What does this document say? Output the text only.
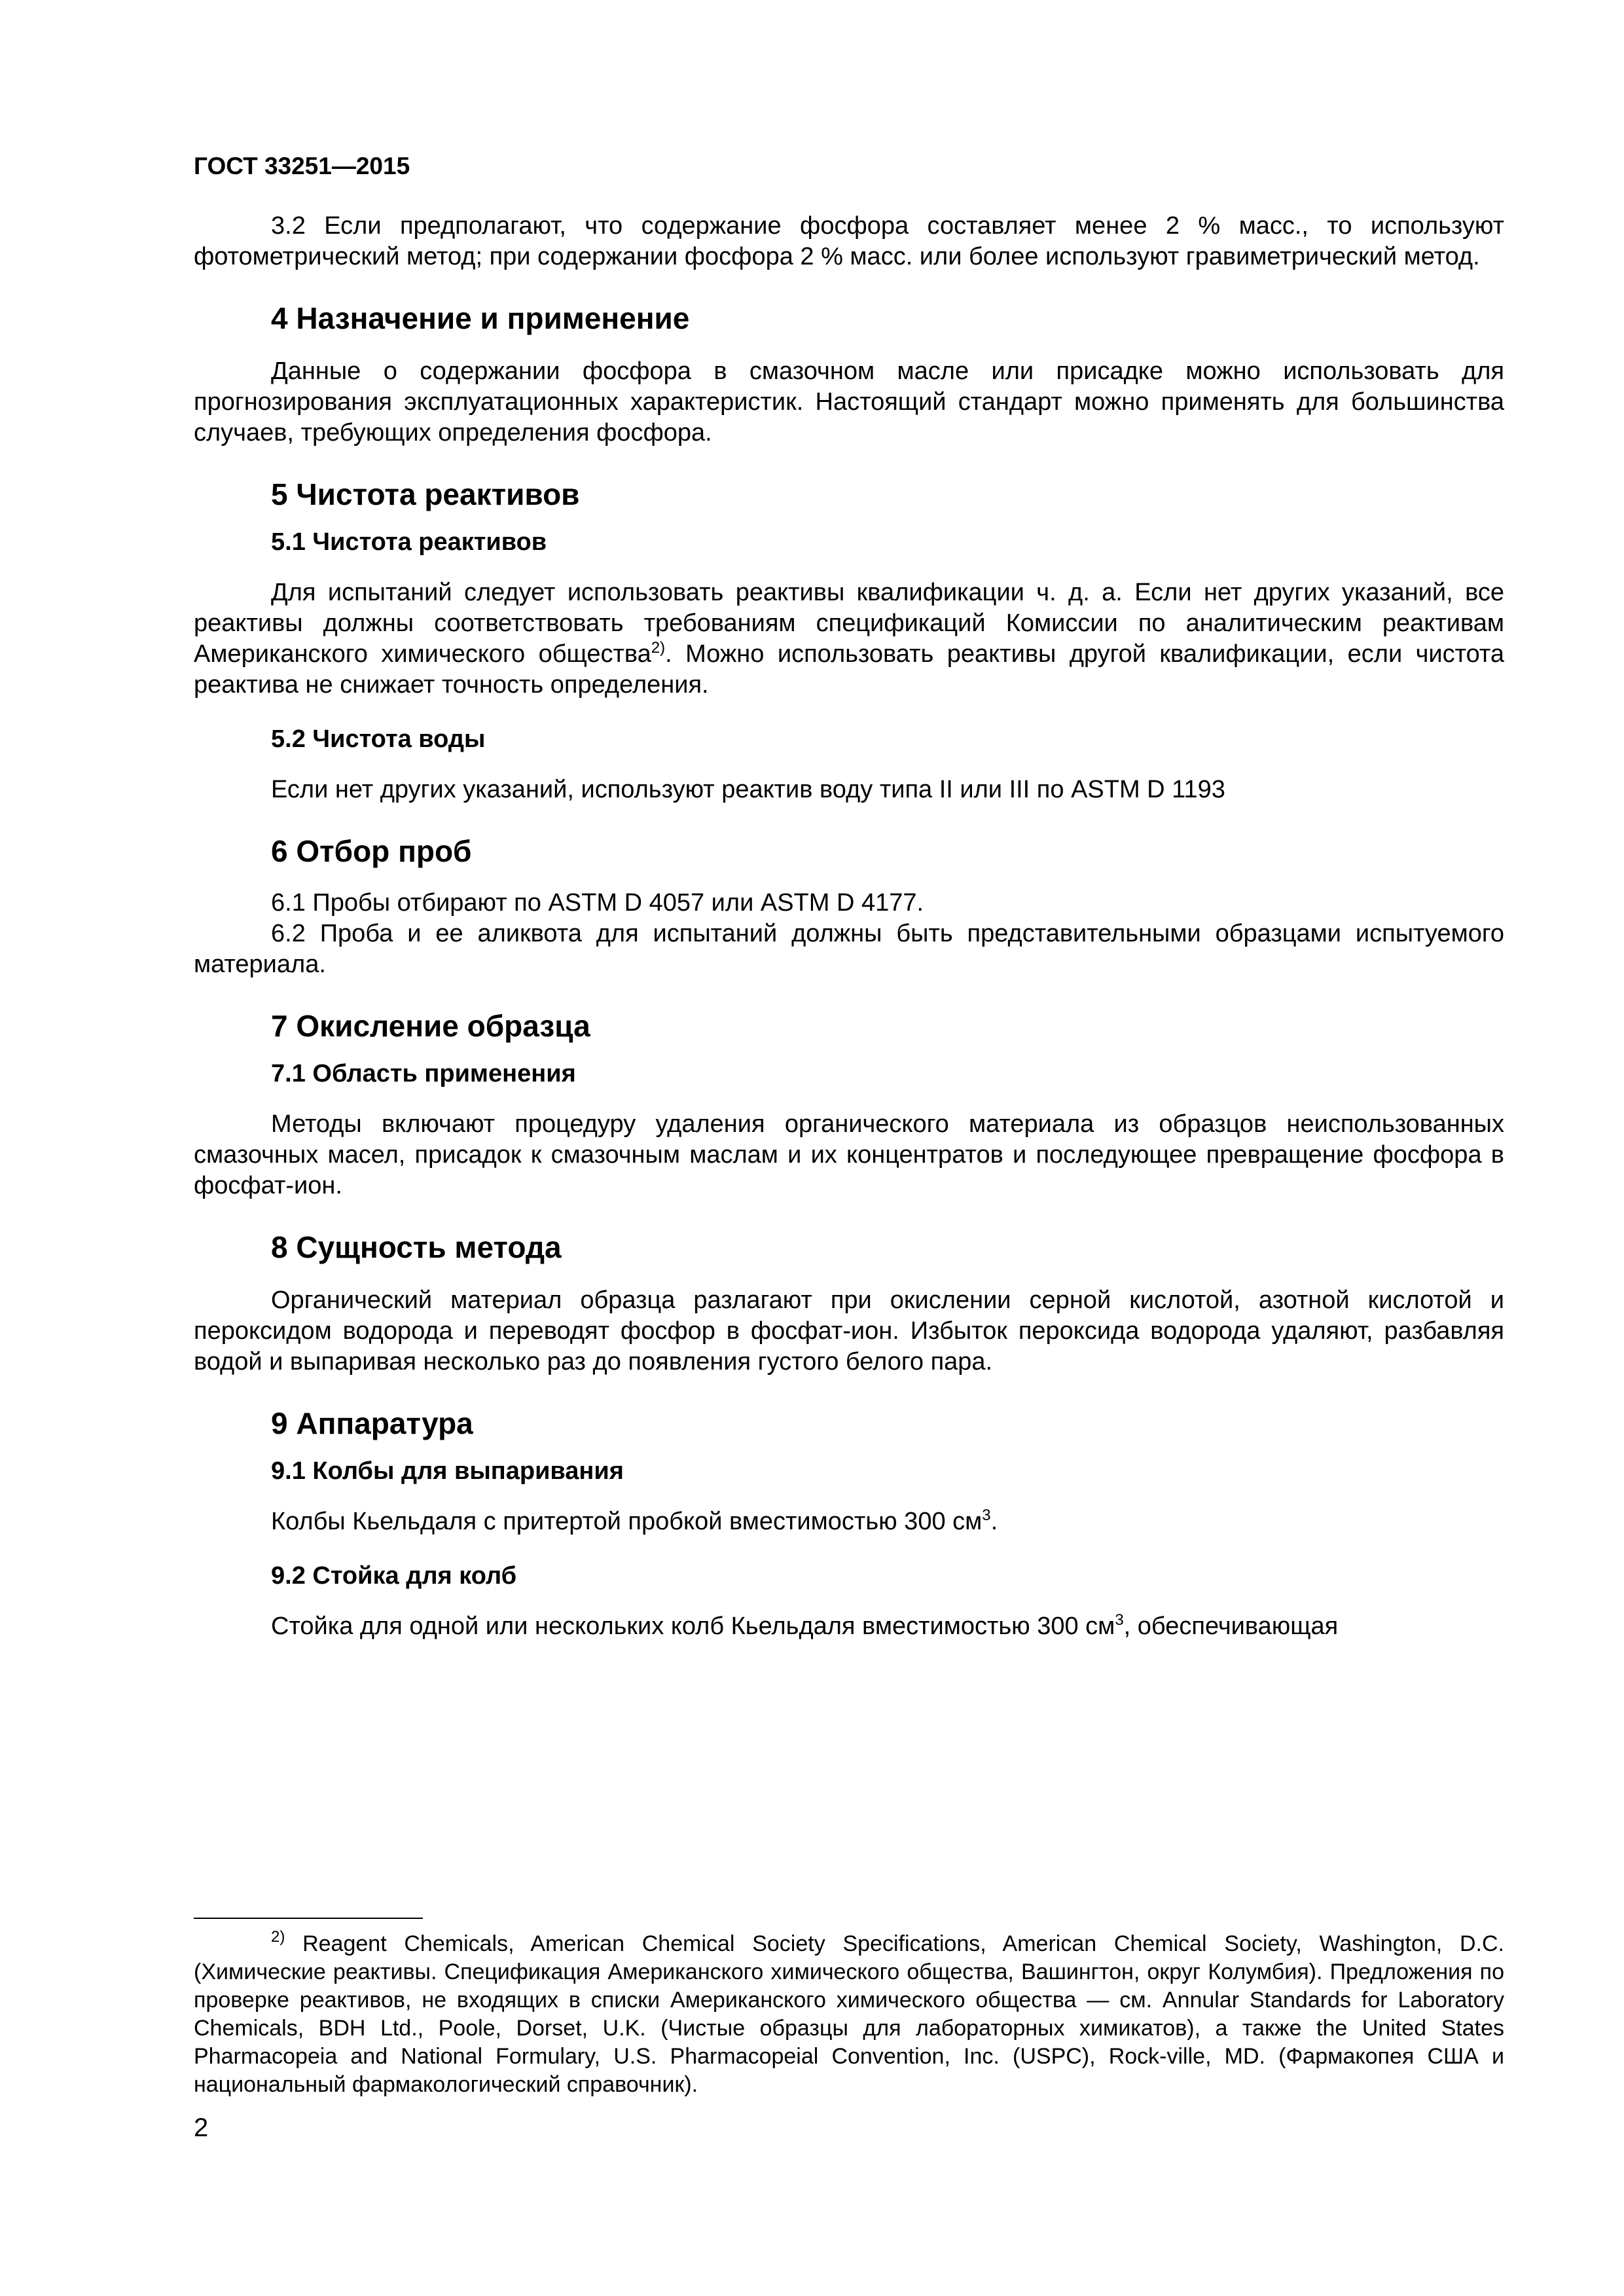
ГОСТ 33251—2015

3.2 Если предполагают, что содержание фосфора составляет менее 2 % масс., то используют фотометрический метод; при содержании фосфора 2 % масс. или более используют гравиметрический метод.

4 Назначение и применение

Данные о содержании фосфора в смазочном масле или присадке можно использовать для прогнозирования эксплуатационных характеристик. Настоящий стандарт можно применять для большинства случаев, требующих определения фосфора.

5 Чистота реактивов
5.1 Чистота реактивов

Для испытаний следует использовать реактивы квалификации ч. д. а. Если нет других указаний, все реактивы должны соответствовать требованиям спецификаций Комиссии по аналитическим реактивам Американского химического общества$^{2)}$. Можно использовать реактивы другой квалификации, если чистота реактива не снижает точность определения.

5.2 Чистота воды

Если нет других указаний, используют реактив воду типа II или III по ASTM D 1193

6 Отбор проб

6.1 Пробы отбирают по ASTM D 4057 или ASTM D 4177.

6.2 Проба и ее аликвота для испытаний должны быть представительными образцами испытуемого материала.

7 Окисление образца
7.1 Область применения

Методы включают процедуру удаления органического материала из образцов неиспользованных смазочных масел, присадок к смазочным маслам и их концентратов и последующее превращение фосфора в фосфат-ион.

8 Сущность метода

Органический материал образца разлагают при окислении серной кислотой, азотной кислотой и пероксидом водорода и переводят фосфор в фосфат-ион. Избыток пероксида водорода удаляют, разбавляя водой и выпаривая несколько раз до появления густого белого пара.

9 Аппаратура
9.1 Колбы для выпаривания

Колбы Кьельдаля с притертой пробкой вместимостью 300 $см^3$.

9.2 Стойка для колб

Стойка для одной или нескольких колб Кьельдаля вместимостью 300 $см^3$, обеспечивающая

$^{2)}$ Reagent Chemicals, American Chemical Society Specifications, American Chemical Society, Washington, D.C. (Химические реактивы. Спецификация Американского химического общества, Вашингтон, округ Колумбия). Предложения по проверке реактивов, не входящих в списки Американского химического общества — см. Annular Standards for Laboratory Chemicals, BDH Ltd., Poole, Dorset, U.K. (Чистые образцы для лабораторных химикатов), а также the United States Pharmacopeia and National Formulary, U.S. Pharmacopeial Convention, Inc. (USPC), Rock-ville, MD. (Фармакопея США и национальный фармакологический справочник).
2
